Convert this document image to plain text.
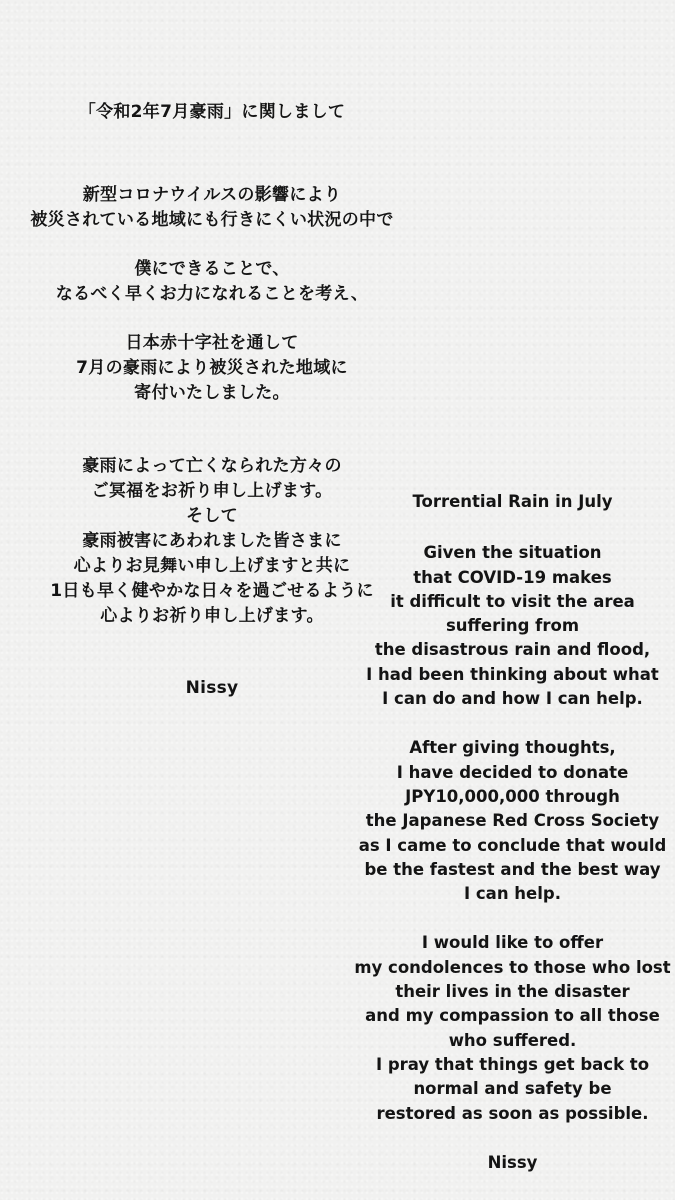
「令和2年7月豪雨」に関しまして

新型コロナウイルスの影響により
被災されている地域にも行きにくい状況の中で

僕にできることで、
なるべく早くお力になれることを考え、

日本赤十字社を通して
7月の豪雨により被災された地域に
寄付いたしました。

豪雨によって亡くなられた方々の
ご冥福をお祈り申し上げます。
そして
豪雨被害にあわれました皆さまに
心よりお見舞い申し上げますと共に
1日も早く健やかな日々を過ごせるように
心よりお祈り申し上げます。

Nissy

Torrential Rain in July

Given the situation
that COVID-19 makes
it difficult to visit the area
suffering from
the disastrous rain and flood,
I had been thinking about what
I can do and how I can help.

After giving thoughts,
I have decided to donate
JPY10,000,000 through
the Japanese Red Cross Society
as I came to conclude that would
be the fastest and the best way
I can help.

I would like to offer
my condolences to those who lost
their lives in the disaster
and my compassion to all those
who suffered.
I pray that things get back to
normal and safety be
restored as soon as possible.

Nissy
